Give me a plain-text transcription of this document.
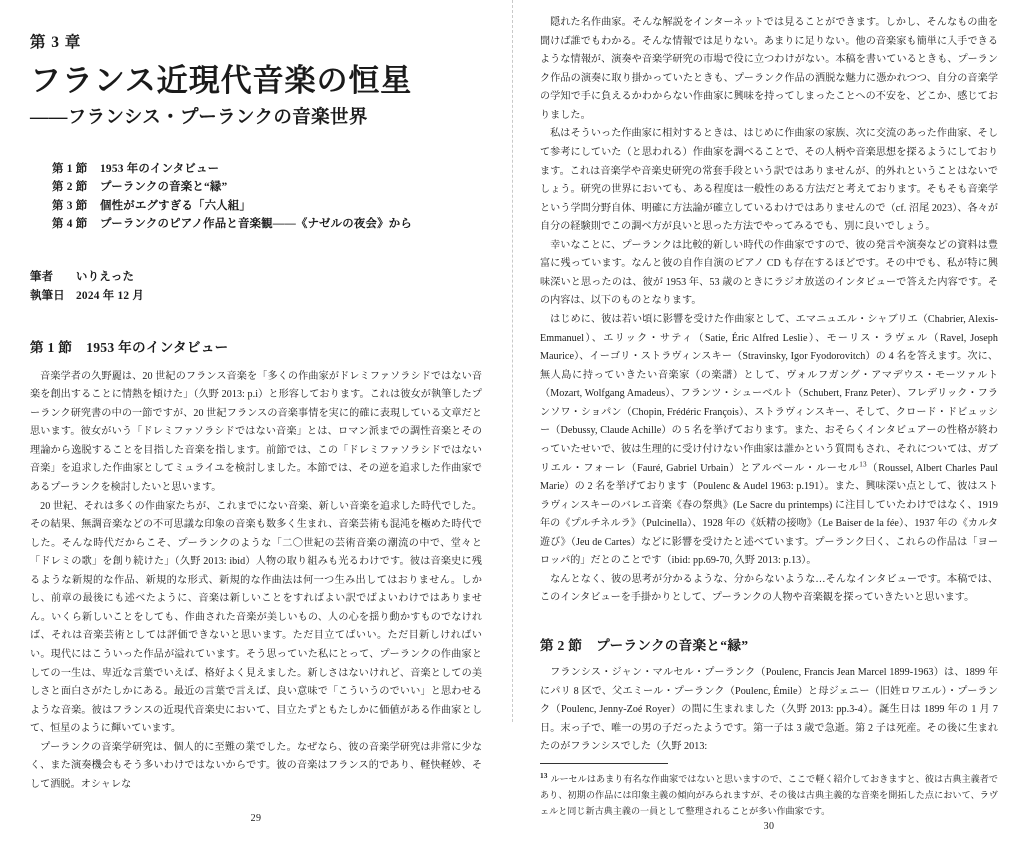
第 3 章
フランス近現代音楽の恒星
——フランシス・プーランクの音楽世界
第 1 節 1953 年のインタビュー
第 2 節 プーランクの音楽と“縁”
第 3 節 個性がエグすぎる「六人組」
第 4 節 プーランクのピアノ作品と音楽観——《ナゼルの夜会》から
筆者 いりえった
執筆日 2024 年 12 月
第 1 節 1953 年のインタビュー

音楽学者の久野麗は、20 世紀のフランス音楽を「多くの作曲家がドレミファソラシドではない音楽を創出することに情熱を傾けた」（久野 2013: p.i）と形容しております。これは彼女が執筆したプーランク研究書の中の一節ですが、20 世紀フランスの音楽事情を実に的確に表現している文章だと思います。彼女がいう「ドレミファソラシドではない音楽」とは、ロマン派までの調性音楽とその理論から逸脱することを目指した音楽を指します。前節では、この「ドレミファソラシドではない音楽」を追求した作曲家としてミュライユを検討しました。本節では、その逆を追求した作曲家であるプーランクを検討したいと思います。

20 世紀、それは多くの作曲家たちが、これまでにない音楽、新しい音楽を追求した時代でした。その結果、無調音楽などの不可思議な印象の音楽も数多く生まれ、音楽芸術も混沌を極めた時代でした。そんな時代だからこそ、プーランクのような「二〇世紀の芸術音楽の潮流の中で、堂々と「ドレミの歌」を創り続けた」（久野 2013: ibid）人物の取り組みも光るわけです。彼は音楽史に残るような新規的な作品、新規的な形式、新規的な作曲法は何一つ生み出してはおりません。しかし、前章の最後にも述べたように、音楽は新しいことをすればよい訳でばよいわけではありません。いくら新しいことをしても、作曲された音楽が美しいもの、人の心を揺り動かすものでなければ、それは音楽芸術としては評価できないと思います。ただ目立てばいい。ただ目新しければいい。現代にはこういった作品が溢れています。そう思っていた私にとって、プーランクの作曲家としての一生は、卑近な言葉でいえば、格好よく見えました。新しさはないけれど、音楽としての美しさと面白さがたしかにある。最近の言葉で言えば、良い意味で「こういうのでいい」と思わせるような音楽。彼はフランスの近現代音楽史において、目立たずともたしかに価値がある作曲家として、恒星のように輝いています。

プーランクの音楽学研究は、個人的に至難の業でした。なぜなら、彼の音楽学研究は非常に少なく、また演奏機会もそう多いわけではないからです。彼の音楽はフランス的であり、軽快軽妙、そして洒脱。オシャレな

29

隠れた名作曲家。そんな解説をインターネットでは見ることができます。しかし、そんなもの曲を聞けば誰でもわかる。そんな情報では足りない。あまりに足りない。他の音楽家も簡単に入手できるような情報が、演奏や音楽学研究の市場で役に立つわけがない。本稿を書いているときも、プーランク作品の演奏に取り掛かっていたときも、プーランク作品の洒脱な魅力に憑かれつつ、自分の音楽学の学知で手に負えるかわからない作曲家に興味を持ってしまったことへの不安を、どこか、感じておりました。

私はそういった作曲家に相対するときは、はじめに作曲家の家族、次に交流のあった作曲家、そして参考にしていた（と思われる）作曲家を調べることで、その人柄や音楽思想を探るようにしております。これは音楽学や音楽史研究の常套手段という訳ではありませんが、的外れということはないでしょう。研究の世界においても、ある程度は一般性のある方法だと考えております。そもそも音楽学という学問分野自体、明確に方法論が確立しているわけではありませんので（cf. 沼尾 2023）、各々が自分の経験則でこの調べ方が良いと思った方法でやってみるでも、別に良いでしょう。

幸いなことに、プーランクは比較的新しい時代の作曲家ですので、彼の発言や演奏などの資料は豊富に残っています。なんと彼の自作自演のピアノ CD も存在するほどです。その中でも、私が特に興味深いと思ったのは、彼が 1953 年、53 歳のときにラジオ放送のインタビューで答えた内容です。その内容は、以下のものとなります。

はじめに、彼は若い頃に影響を受けた作曲家として、エマニュエル・シャブリエ（Chabrier, Alexis-Emmanuel）、エリック・サティ（Satie, Éric Alfred Leslie）、モーリス・ラヴェル（Ravel, Joseph Maurice）、イーゴリ・ストラヴィンスキー（Stravinsky, Igor Fyodorovitch）の 4 名を答えます。次に、無人島に持っていきたい音楽家（の楽譜）として、ヴォルフガング・アマデウス・モーツァルト（Mozart, Wolfgang Amadeus）、フランツ・シューベルト（Schubert, Franz Peter）、フレデリック・フランソワ・ショパン（Chopin, Frédéric François）、ストラヴィンスキー、そして、クロード・ドビュッシー（Debussy, Claude Achille）の 5 名を挙げております。また、おそらくインタビュアーの性格が終わっていたせいで、彼は生理的に受け付けない作曲家は誰かという質問もされ、それについては、ガブリエル・フォーレ（Fauré, Gabriel Urbain）とアルベール・ルーセル$^{13}$（Roussel, Albert Charles Paul Marie）の 2 名を挙げております（Poulenc & Audel 1963: p.191）。また、興味深い点として、彼はストラヴィンスキーのバレエ音楽《春の祭典》(Le Sacre du printemps) に注目していたわけではなく、1919 年の《プルチネルラ》（Pulcinella）、1928 年の《妖精の接吻》（Le Baiser de la fée）、1937 年の《カルタ遊び》（Jeu de Cartes）などに影響を受けたと述べています。プーランク曰く、これらの作品は「ヨーロッパ的」だとのことです（ibid: pp.69-70, 久野 2013: p.13）。

なんとなく、彼の思考が分かるような、分からないような…そんなインタビューです。本稿では、このインタビューを手掛かりとして、プーランクの人物や音楽観を探っていきたいと思います。

第 2 節 プーランクの音楽と“縁”

フランシス・ジャン・マルセル・プーランク（Poulenc, Francis Jean Marcel 1899-1963）は、1899 年にパリ 8 区で、父エミール・プーランク（Poulenc, Émile）と母ジェニー（旧姓ロワエル）・プーランク（Poulenc, Jenny-Zoé Royer）の間に生まれました（久野 2013: pp.3-4）。誕生日は 1899 年の 1 月 7 日。末っ子で、唯一の男の子だったようです。第一子は 3 歳で急逝。第 2 子は死産。その後に生まれたのがフランシスでした（久野 2013:

$^{13}$ ルーセルはあまり有名な作曲家ではないと思いますので、ここで軽く紹介しておきますと、彼は古典主義者であり、初期の作品には印象主義の傾向がみられますが、その後は古典主義的な音楽を開拓した点において、ラヴェルと同じ新古典主義の一員として整理されることが多い作曲家です。

30
